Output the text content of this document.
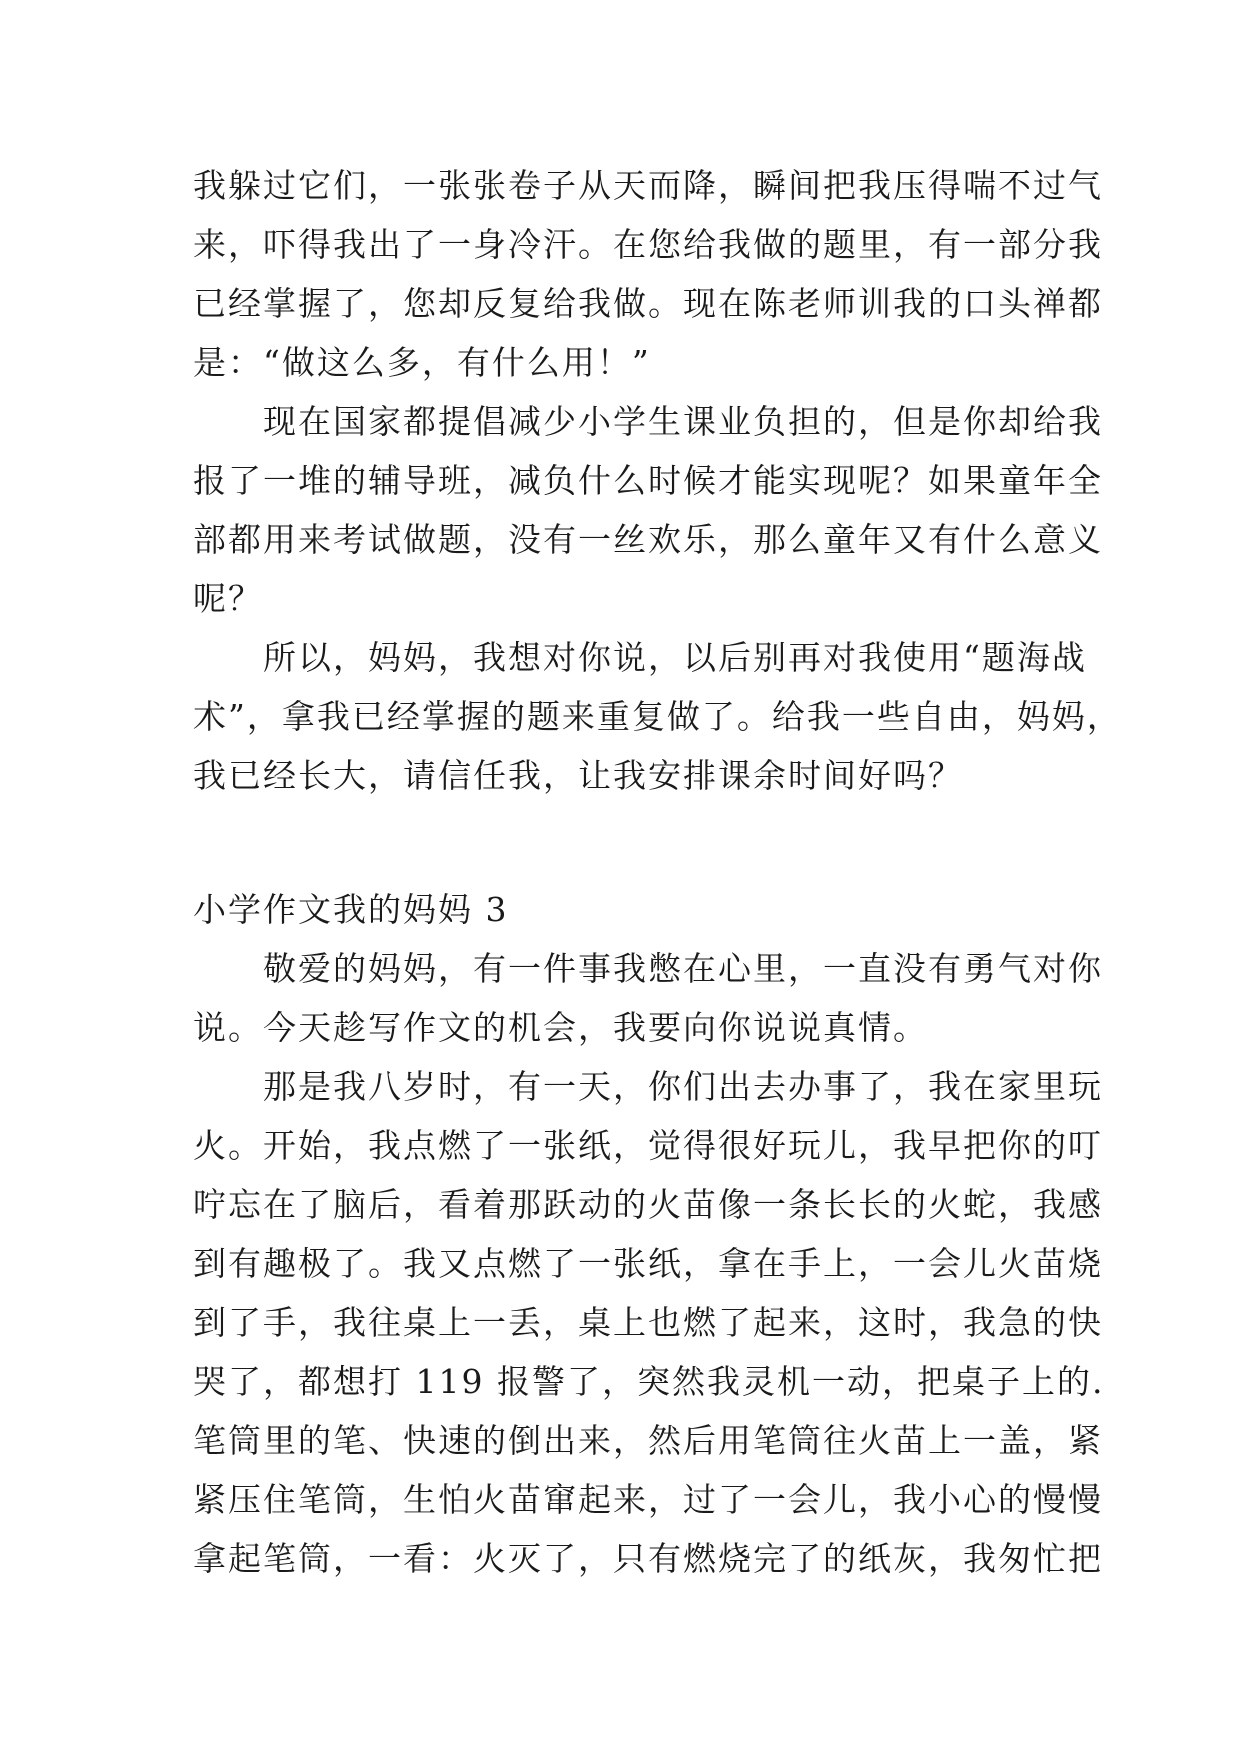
我躲过它们，一张张卷子从天而降，瞬间把我压得喘不过气
来，吓得我出了一身冷汗。在您给我做的题里，有一部分我
已经掌握了，您却反复给我做。现在陈老师训我的口头禅都
是：“做这么多，有什么用！”
现在国家都提倡减少小学生课业负担的，但是你却给我
报了一堆的辅导班，减负什么时候才能实现呢？如果童年全
部都用来考试做题，没有一丝欢乐，那么童年又有什么意义
呢？
所以，妈妈，我想对你说，以后别再对我使用“题海战
术”，拿我已经掌握的题来重复做了。给我一些自由，妈妈，
我已经长大，请信任我，让我安排课余时间好吗？
小学作文我的妈妈 3
敬爱的妈妈，有一件事我憋在心里，一直没有勇气对你
说。今天趁写作文的机会，我要向你说说真情。
那是我八岁时，有一天，你们出去办事了，我在家里玩
火。开始，我点燃了一张纸，觉得很好玩儿，我早把你的叮
咛忘在了脑后，看着那跃动的火苗像一条长长的火蛇，我感
到有趣极了。我又点燃了一张纸，拿在手上，一会儿火苗烧
到了手，我往桌上一丢，桌上也燃了起来，这时，我急的快
哭了，都想打 119 报警了，突然我灵机一动，把桌子上的.
笔筒里的笔、快速的倒出来，然后用笔筒往火苗上一盖，紧
紧压住笔筒，生怕火苗窜起来，过了一会儿，我小心的慢慢
拿起笔筒，一看：火灭了，只有燃烧完了的纸灰，我匆忙把
